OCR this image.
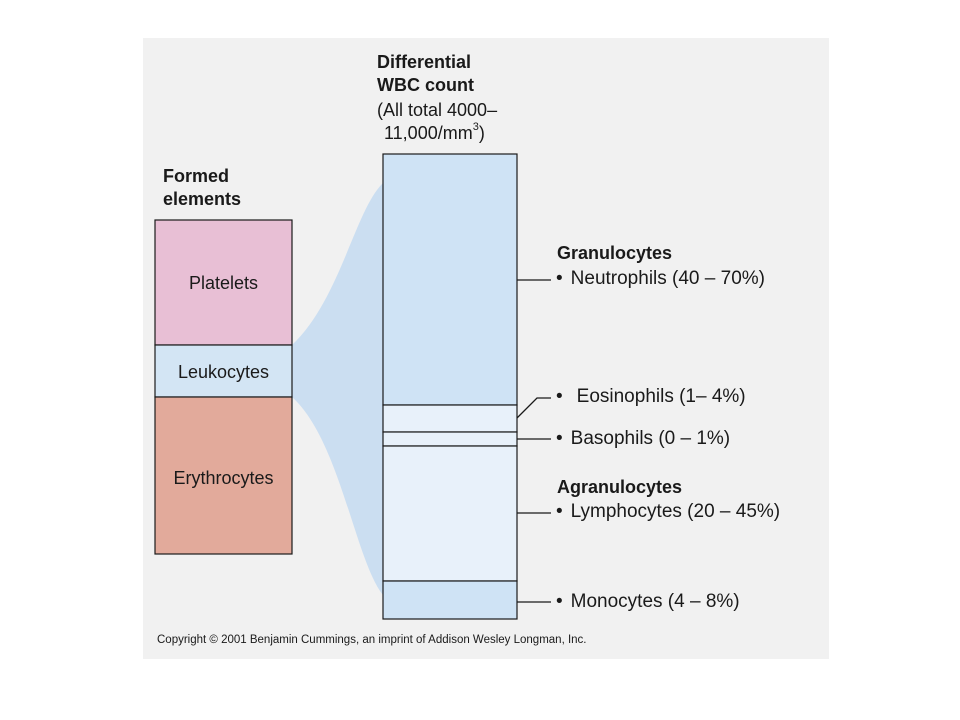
Formed
elements
Platelets
Leukocytes
Erythrocytes
Differential
WBC count
(All total 4000–
$11,000/mm^3$)
Granulocytes
• Neutrophils (40 – 70%)
• Eosinophils (1– 4%)
• Basophils (0 – 1%)
Agranulocytes
• Lymphocytes (20 – 45%)
• Monocytes (4 – 8%)
Copyright © 2001 Benjamin Cummings, an imprint of Addison Wesley Longman, Inc.
